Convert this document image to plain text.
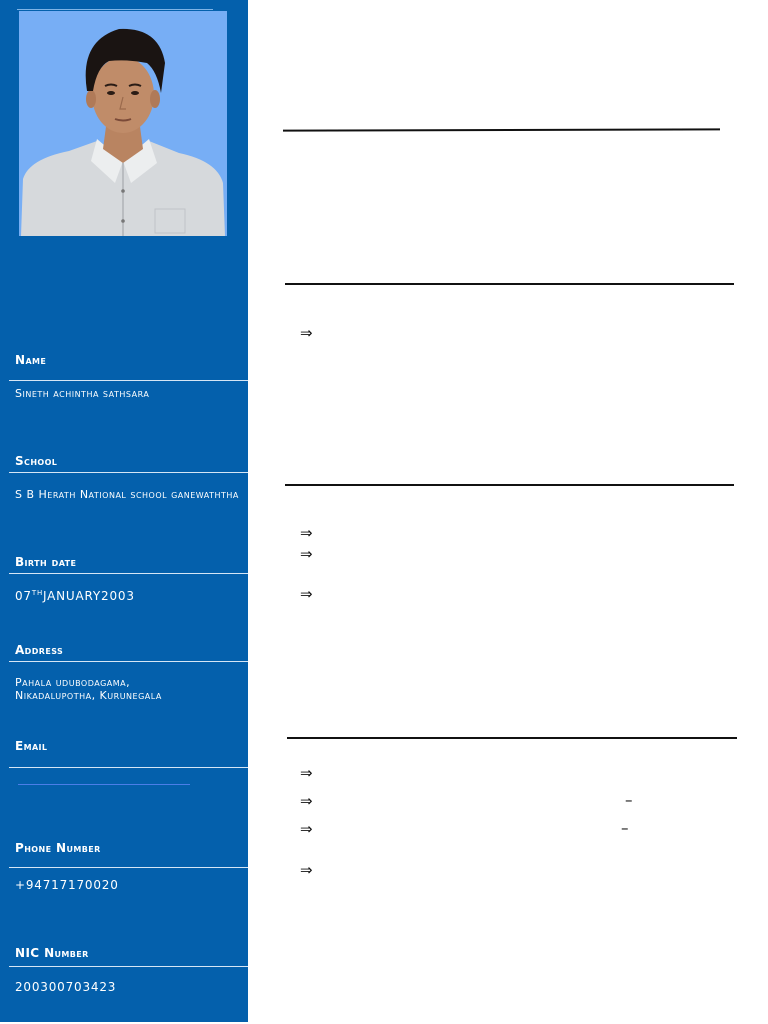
Name
Sineth achintha sathsara
School
S B Herath National school ganewaththa
Birth date
07THJANUARY2003
Address
Pahala udubodagama,
Nikadalupotha, Kurunegala
Email
Phone Number
+94717170020
NIC Number
200300703423
⇒
⇒
⇒
⇒
⇒
⇒	–
⇒	–
⇒
